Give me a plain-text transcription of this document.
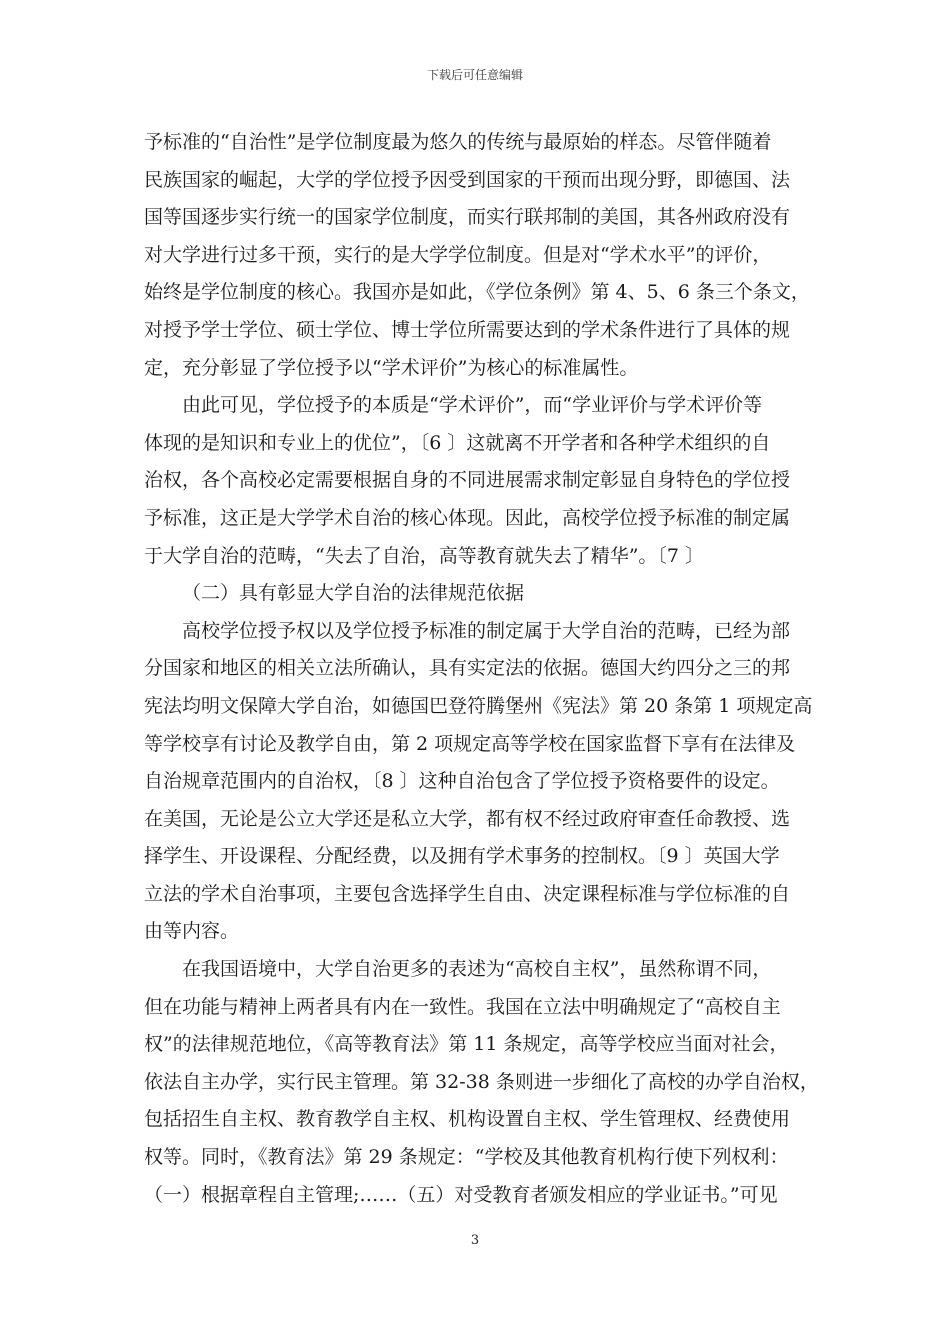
下载后可任意编辑
予标准的“自治性”是学位制度最为悠久的传统与最原始的样态。尽管伴随着
民族国家的崛起，大学的学位授予因受到国家的干预而出现分野，即德国、法
国等国逐步实行统一的国家学位制度，而实行联邦制的美国，其各州政府没有
对大学进行过多干预，实行的是大学学位制度。但是对“学术水平”的评价，
始终是学位制度的核心。我国亦是如此，《学位条例》第 4、5、6 条三个条文，
对授予学士学位、硕士学位、博士学位所需要达到的学术条件进行了具体的规
定，充分彰显了学位授予以“学术评价”为核心的标准属性。
由此可见，学位授予的本质是“学术评价”，而“学业评价与学术评价等
体现的是知识和专业上的优位”，〔6 〕这就离不开学者和各种学术组织的自
治权，各个高校必定需要根据自身的不同进展需求制定彰显自身特色的学位授
予标准，这正是大学学术自治的核心体现。因此，高校学位授予标准的制定属
于大学自治的范畴，“失去了自治，高等教育就失去了精华”。〔7 〕
（二）具有彰显大学自治的法律规范依据
高校学位授予权以及学位授予标准的制定属于大学自治的范畴，已经为部
分国家和地区的相关立法所确认，具有实定法的依据。德国大约四分之三的邦
宪法均明文保障大学自治，如德国巴登符腾堡州《宪法》第 20 条第 1 项规定高
等学校享有讨论及教学自由，第 2 项规定高等学校在国家监督下享有在法律及
自治规章范围内的自治权，〔8 〕这种自治包含了学位授予资格要件的设定。
在美国，无论是公立大学还是私立大学，都有权不经过政府审查任命教授、选
择学生、开设课程、分配经费，以及拥有学术事务的控制权。〔9 〕英国大学
立法的学术自治事项，主要包含选择学生自由、决定课程标准与学位标准的自
由等内容。
在我国语境中，大学自治更多的表述为“高校自主权”，虽然称谓不同，
但在功能与精神上两者具有内在一致性。我国在立法中明确规定了“高校自主
权”的法律规范地位，《高等教育法》第 11 条规定，高等学校应当面对社会，
依法自主办学，实行民主管理。第 32-38 条则进一步细化了高校的办学自治权，
包括招生自主权、教育教学自主权、机构设置自主权、学生管理权、经费使用
权等。同时，《教育法》第 29 条规定：“学校及其他教育机构行使下列权利：
（一）根据章程自主管理;……（五）对受教育者颁发相应的学业证书。”可见
3
